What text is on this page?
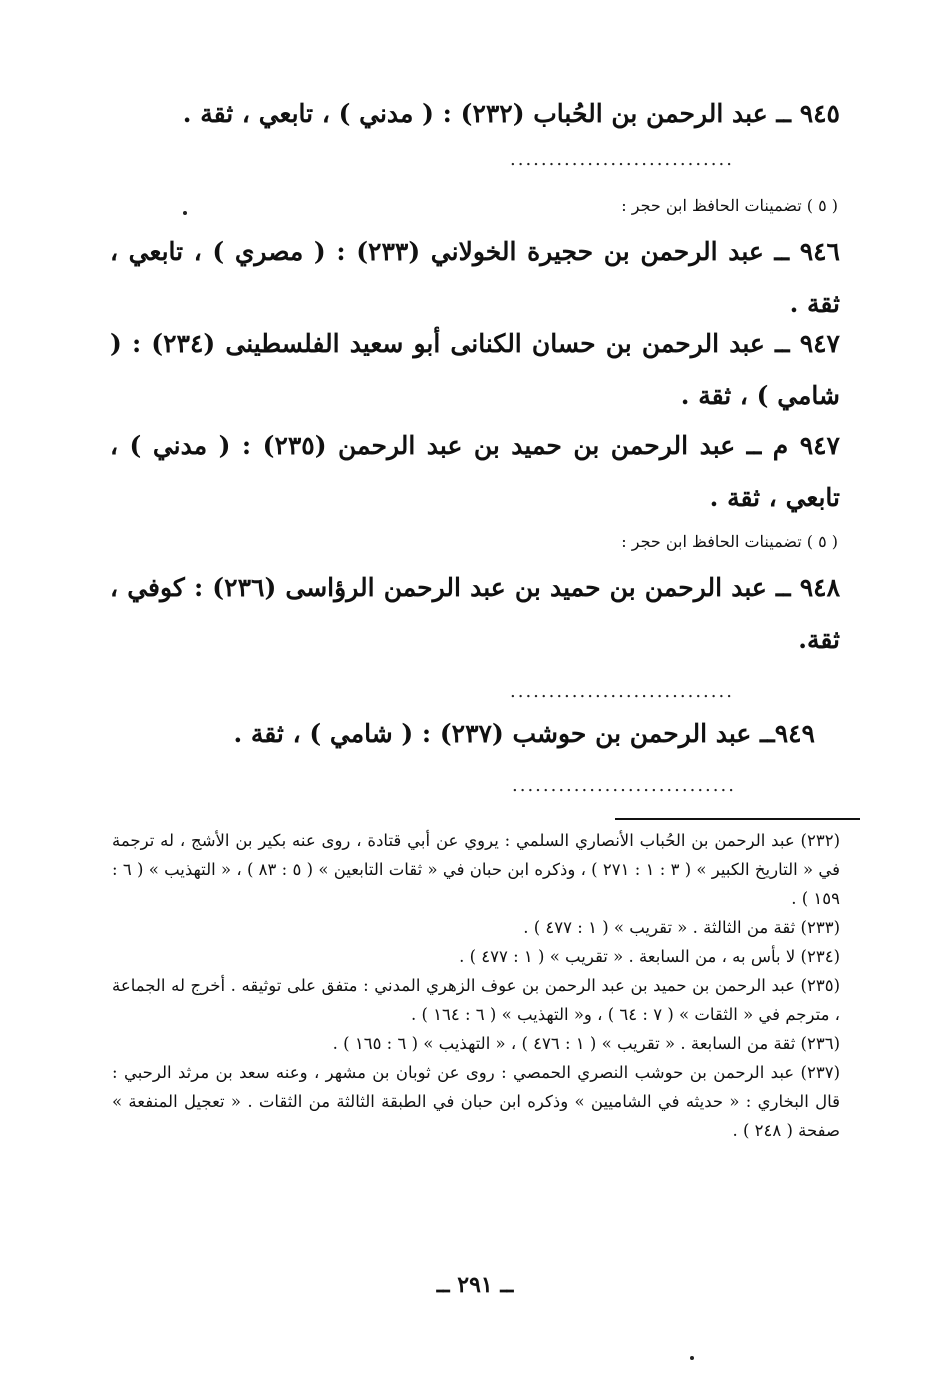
٩٤٥ ــ عبد الرحمن بن الحُباب (٢٣٢) : ( مدني ) ، تابعي ، ثقة .
.............................
( ٥ ) تضمينات الحافظ ابن حجر :
٩٤٦ ــ عبد الرحمن بن حجيرة الخولاني (٢٣٣) : ( مصري ) ، تابعي ، ثقة .
٩٤٧ ــ عبد الرحمن بن حسان الكنانى أبو سعيد الفلسطينى (٢٣٤) : ( شامي ) ، ثقة .
٩٤٧ م ــ عبد الرحمن بن حميد بن عبد الرحمن (٢٣٥) : ( مدني ) ، تابعي ، ثقة .
( ٥ ) تضمينات الحافظ ابن حجر :
٩٤٨ ــ عبد الرحمن بن حميد بن عبد الرحمن الرؤاسى (٢٣٦) : كوفي ، ثقة.
.............................
٩٤٩ــ عبد الرحمن بن حوشب (٢٣٧) : ( شامي ) ، ثقة .
.............................
(٢٣٢) عبد الرحمن بن الحُباب الأنصاري السلمي : يروي عن أبي قتادة ، روى عنه بكير بن الأشج ، له ترجمة في « التاريخ الكبير » ( ٣ : ١ : ٢٧١ ) ، وذكره ابن حبان في « ثقات التابعين » ( ٥ : ٨٣ ) ، « التهذيب » ( ٦ : ١٥٩ ) .
(٢٣٣) ثقة من الثالثة . « تقريب » ( ١ : ٤٧٧ ) .
(٢٣٤) لا بأس به ، من السابعة . « تقريب » ( ١ : ٤٧٧ ) .
(٢٣٥) عبد الرحمن بن حميد بن عبد الرحمن بن عوف الزهري المدني : متفق على توثيقه . أخرج له الجماعة ، مترجم في « الثقات » ( ٧ : ٦٤ ) ، و« التهذيب » ( ٦ : ١٦٤ ) .
(٢٣٦) ثقة من السابعة . « تقريب » ( ١ : ٤٧٦ ) ، « التهذيب » ( ٦ : ١٦٥ ) .
(٢٣٧) عبد الرحمن بن حوشب النصري الحمصي : روى عن ثوبان بن مشهر ، وعنه سعد بن مرثد الرحبي : قال البخاري : « حديثه في الشاميين » وذكره ابن حبان في الطبقة الثالثة من الثقات . « تعجيل المنفعة » صفحة ( ٢٤٨ ) .
ــ ٢٩١ ــ
